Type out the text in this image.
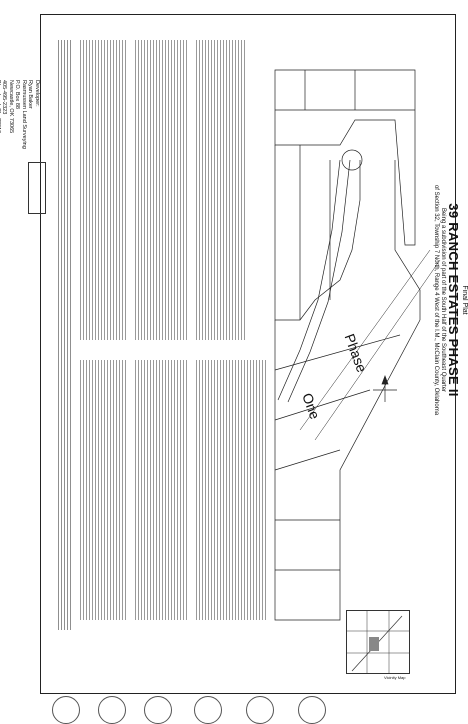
Phase
One
Final Plat
39 RANCH ESTATES PHASE II
Being a subdivision of part of the South Half of the Southeast Quarter
of Section 32, Township 7 North, Range 4 West of the I.M., McClain County, Oklahoma
Developer:
Ryan Baker
Rasmussen Land Surveying
P.O. Box 88
Newcastle, OK 73065
405-495-2323
Vicinity Map
